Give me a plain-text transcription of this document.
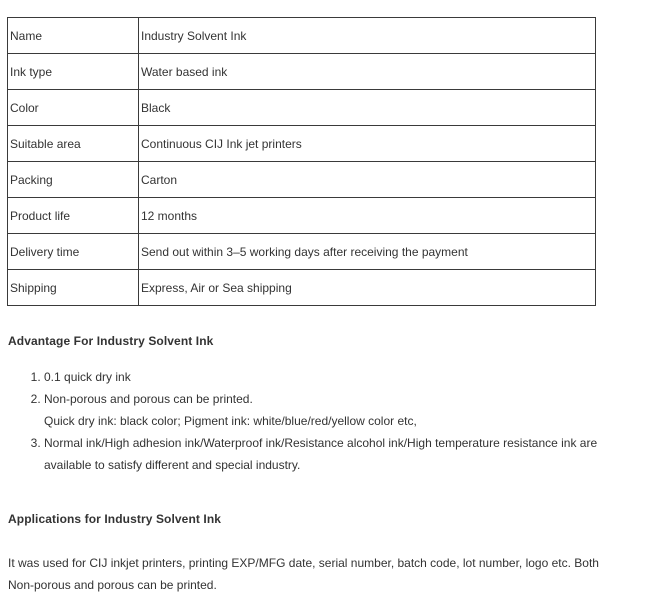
Name	Industry Solvent Ink
Ink type	Water based ink
Color	Black
Suitable area	Continuous CIJ Ink jet printers
Packing	Carton
Product life	12 months
Delivery time	Send out within 3–5 working days after receiving the payment
Shipping	Express, Air or Sea shipping
Advantage For Industry Solvent Ink
1. 0.1 quick dry ink
2. Non-porous and porous can be printed.
Quick dry ink: black color; Pigment ink: white/blue/red/yellow color etc,
3. Normal ink/High adhesion ink/Waterproof ink/Resistance alcohol ink/High temperature resistance ink are
available to satisfy different and special industry.
Applications for Industry Solvent Ink

It was used for CIJ inkjet printers, printing EXP/MFG date, serial number, batch code, lot number, logo etc. Both
Non-porous and porous can be printed.
